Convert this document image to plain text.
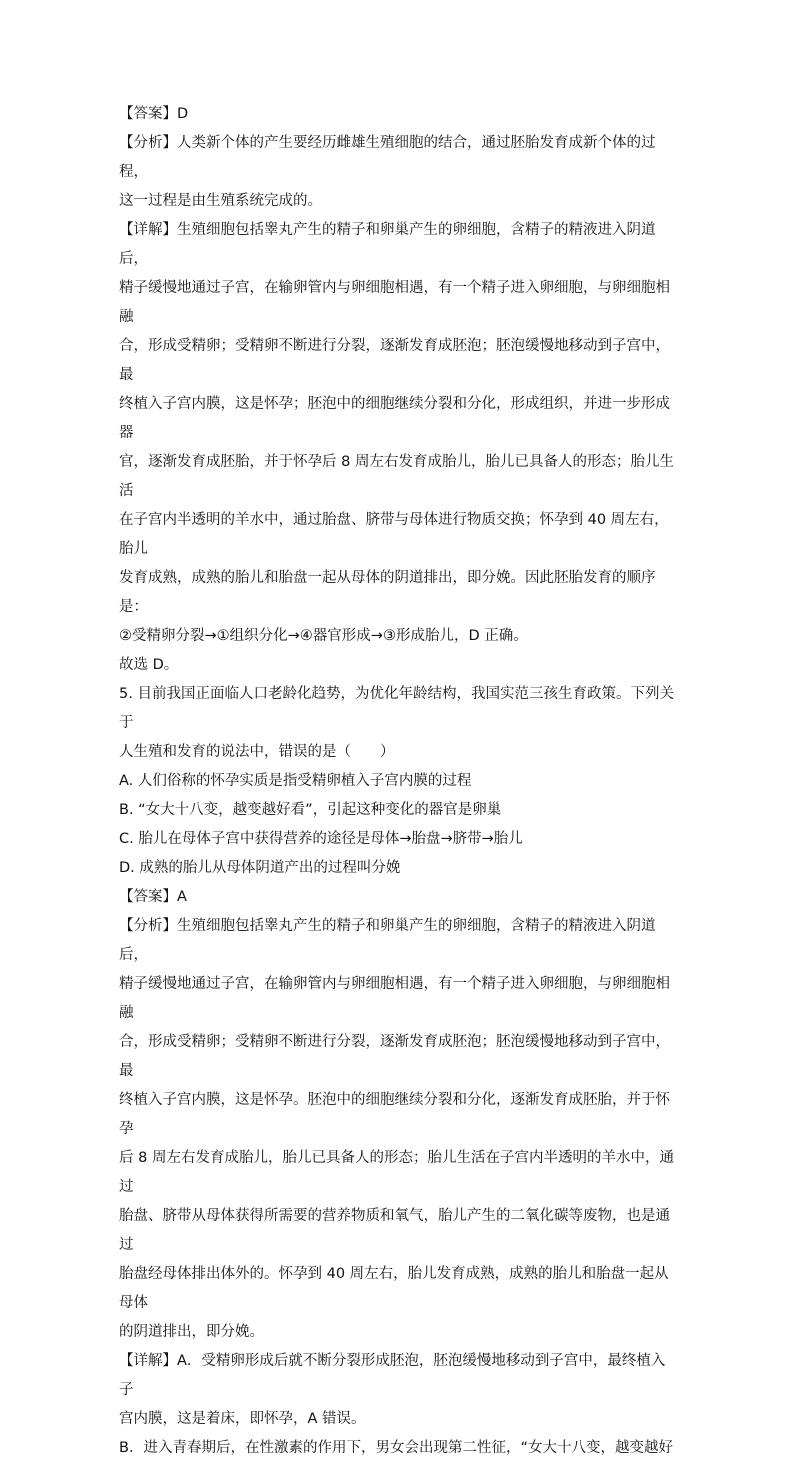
【答案】D

【分析】人类新个体的产生要经历雌雄生殖细胞的结合，通过胚胎发育成新个体的过程，
这一过程是由生殖系统完成的。

【详解】生殖细胞包括睾丸产生的精子和卵巢产生的卵细胞，含精子的精液进入阴道后，
精子缓慢地通过子宫，在输卵管内与卵细胞相遇，有一个精子进入卵细胞，与卵细胞相融
合，形成受精卵；受精卵不断进行分裂，逐渐发育成胚泡；胚泡缓慢地移动到子宫中，最
终植入子宫内膜，这是怀孕；胚泡中的细胞继续分裂和分化，形成组织，并进一步形成器
官，逐渐发育成胚胎，并于怀孕后 8 周左右发育成胎儿，胎儿已具备人的形态；胎儿生活
在子宫内半透明的羊水中，通过胎盘、脐带与母体进行物质交换；怀孕到 40 周左右，胎儿
发育成熟，成熟的胎儿和胎盘一起从母体的阴道排出，即分娩。因此胚胎发育的顺序是：
②受精卵分裂→①组织分化→④器官形成→③形成胎儿，D 正确。

故选 D。

5. 目前我国正面临人口老龄化趋势，为优化年龄结构，我国实范三孩生育政策。下列关于
人生殖和发育的说法中，错误的是（　　）

A. 人们俗称的怀孕实质是指受精卵植入子宫内膜的过程

B. “女大十八变，越变越好看”，引起这种变化的器官是卵巢

C. 胎儿在母体子宫中获得营养的途径是母体→胎盘→脐带→胎儿

D. 成熟的胎儿从母体阴道产出的过程叫分娩

【答案】A

【分析】生殖细胞包括睾丸产生的精子和卵巢产生的卵细胞，含精子的精液进入阴道后，
精子缓慢地通过子宫，在输卵管内与卵细胞相遇，有一个精子进入卵细胞，与卵细胞相融
合，形成受精卵；受精卵不断进行分裂，逐渐发育成胚泡；胚泡缓慢地移动到子宫中，最
终植入子宫内膜，这是怀孕。胚泡中的细胞继续分裂和分化，逐渐发育成胚胎，并于怀孕
后 8 周左右发育成胎儿，胎儿已具备人的形态；胎儿生活在子宫内半透明的羊水中，通过
胎盘、脐带从母体获得所需要的营养物质和氧气，胎儿产生的二氧化碳等废物，也是通过
胎盘经母体排出体外的。怀孕到 40 周左右，胎儿发育成熟，成熟的胎儿和胎盘一起从母体
的阴道排出，即分娩。

【详解】A．受精卵形成后就不断分裂形成胚泡，胚泡缓慢地移动到子宫中，最终植入子
宫内膜，这是着床，即怀孕，A 错误。

B．进入青春期后，在性激素的作用下，男女会出现第二性征，“女大十八变，越变越好
